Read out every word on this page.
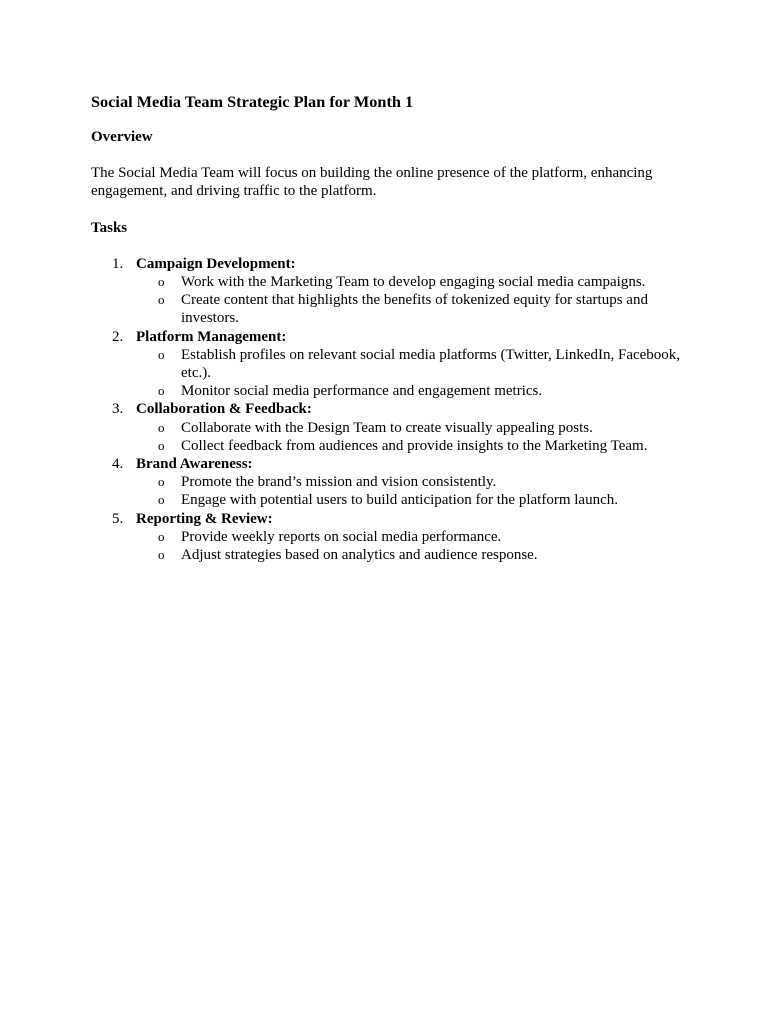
Social Media Team Strategic Plan for Month 1
Overview
The Social Media Team will focus on building the online presence of the platform, enhancing engagement, and driving traffic to the platform.
Tasks
1. Campaign Development:
o Work with the Marketing Team to develop engaging social media campaigns.
o Create content that highlights the benefits of tokenized equity for startups and investors.
2. Platform Management:
o Establish profiles on relevant social media platforms (Twitter, LinkedIn, Facebook, etc.).
o Monitor social media performance and engagement metrics.
3. Collaboration & Feedback:
o Collaborate with the Design Team to create visually appealing posts.
o Collect feedback from audiences and provide insights to the Marketing Team.
4. Brand Awareness:
o Promote the brand’s mission and vision consistently.
o Engage with potential users to build anticipation for the platform launch.
5. Reporting & Review:
o Provide weekly reports on social media performance.
o Adjust strategies based on analytics and audience response.
